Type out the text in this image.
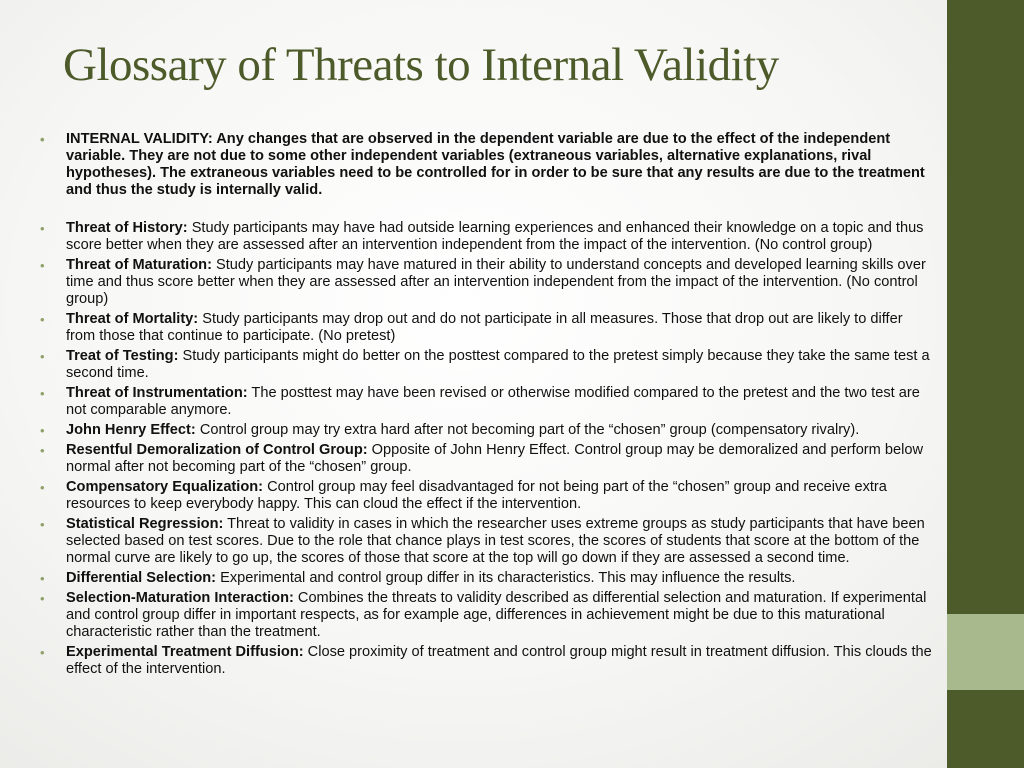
Glossary of Threats to Internal Validity
• INTERNAL VALIDITY: Any changes that are observed in the dependent variable are due to the effect of the independent variable. They are not due to some other independent variables (extraneous variables, alternative explanations, rival hypotheses). The extraneous variables need to be controlled for in order to be sure that any results are due to the treatment and thus the study is internally valid.
• Threat of History: Study participants may have had outside learning experiences and enhanced their knowledge on a topic and thus score better when they are assessed after an intervention independent from the impact of the intervention. (No control group)
• Threat of Maturation: Study participants may have matured in their ability to understand concepts and developed learning skills over time and thus score better when they are assessed after an intervention independent from the impact of the intervention. (No control group)
• Threat of Mortality: Study participants may drop out and do not participate in all measures. Those that drop out are likely to differ from those that continue to participate. (No pretest)
• Treat of Testing: Study participants might do better on the posttest compared to the pretest simply because they take the same test a second time.
• Threat of Instrumentation: The posttest may have been revised or otherwise modified compared to the pretest and the two test are not comparable anymore.
• John Henry Effect: Control group may try extra hard after not becoming part of the “chosen” group (compensatory rivalry).
• Resentful Demoralization of Control Group: Opposite of John Henry Effect. Control group may be demoralized and perform below normal after not becoming part of the “chosen” group.
• Compensatory Equalization: Control group may feel disadvantaged for not being part of the “chosen” group and receive extra resources to keep everybody happy. This can cloud the effect if the intervention.
• Statistical Regression: Threat to validity in cases in which the researcher uses extreme groups as study participants that have been selected based on test scores. Due to the role that chance plays in test scores, the scores of students that score at the bottom of the normal curve are likely to go up, the scores of those that score at the top will go down if they are assessed a second time.
• Differential Selection: Experimental and control group differ in its characteristics. This may influence the results.
• Selection-Maturation Interaction: Combines the threats to validity described as differential selection and maturation. If experimental and control group differ in important respects, as for example age, differences in achievement might be due to this maturational characteristic rather than the treatment.
• Experimental Treatment Diffusion: Close proximity of treatment and control group might result in treatment diffusion. This clouds the effect of the intervention.
